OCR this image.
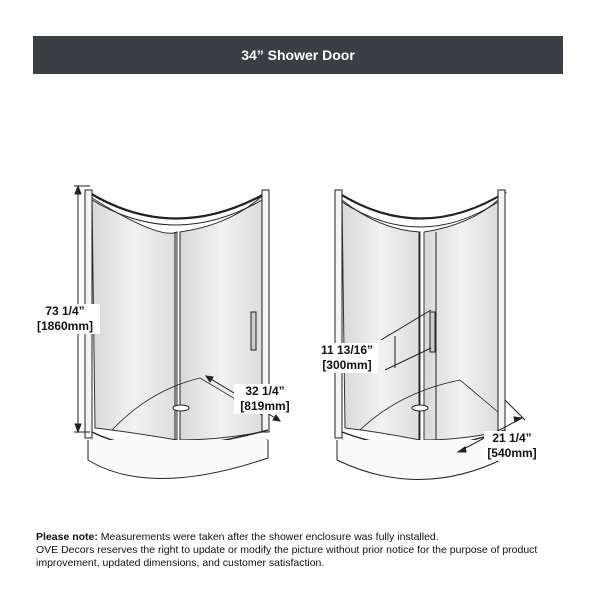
34” Shower Door
73 1/4”
[1860mm]
32 1/4”
[819mm]
11 13/16”
[300mm]
21 1/4”
[540mm]
Please note: Measurements were taken after the shower enclosure was fully installed.
OVE Decors reserves the right to update or modify the picture without prior notice for the purpose of product improvement, updated dimensions, and customer satisfaction.
